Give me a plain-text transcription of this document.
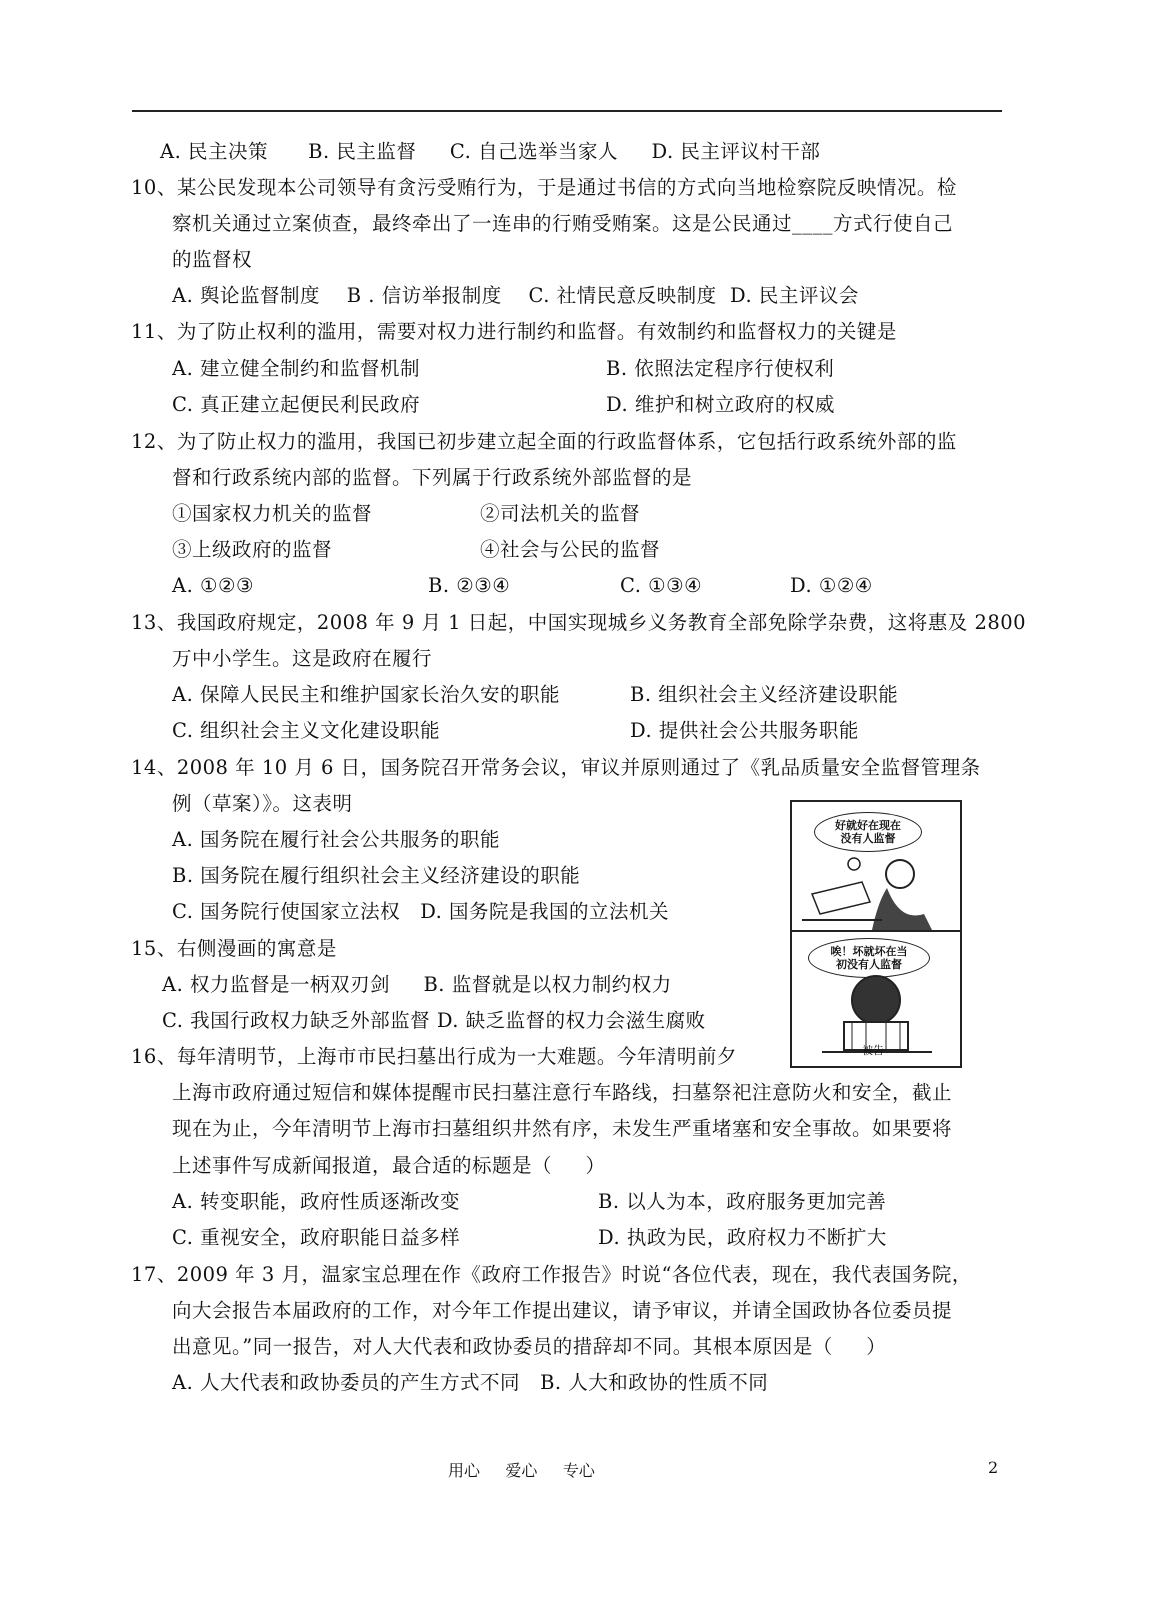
A. 民主决策      B. 民主监督     C. 自己选举当家人     D. 民主评议村干部
10、某公民发现本公司领导有贪污受贿行为，于是通过书信的方式向当地检察院反映情况。检
察机关通过立案侦查，最终牵出了一连串的行贿受贿案。这是公民通过____方式行使自己
的监督权
A. 舆论监督制度    B . 信访举报制度    C. 社情民意反映制度  D. 民主评议会
11、为了防止权利的滥用，需要对权力进行制约和监督。有效制约和监督权力的关键是
A. 建立健全制约和监督机制	B. 依照法定程序行使权利
C. 真正建立起便民利民政府	D. 维护和树立政府的权威
12、为了防止权力的滥用，我国已初步建立起全面的行政监督体系，它包括行政系统外部的监
督和行政系统内部的监督。下列属于行政系统外部监督的是
①国家权力机关的监督	②司法机关的监督
③上级政府的监督	④社会与公民的监督
A. ①②③	B. ②③④	C. ①③④	D. ①②④
13、我国政府规定，2008 年 9 月 1 日起，中国实现城乡义务教育全部免除学杂费，这将惠及 2800
万中小学生。这是政府在履行
A. 保障人民民主和维护国家长治久安的职能	B. 组织社会主义经济建设职能
C. 组织社会主义文化建设职能	D. 提供社会公共服务职能
14、2008 年 10 月 6 日，国务院召开常务会议，审议并原则通过了《乳品质量安全监督管理条
例（草案）》。这表明
A. 国务院在履行社会公共服务的职能
B. 国务院在履行组织社会主义经济建设的职能
C. 国务院行使国家立法权   D. 国务院是我国的立法机关
15、右侧漫画的寓意是
A. 权力监督是一柄双刃剑     B. 监督就是以权力制约权力
C. 我国行政权力缺乏外部监督 D. 缺乏监督的权力会滋生腐败
16、每年清明节，上海市市民扫墓出行成为一大难题。今年清明前夕
上海市政府通过短信和媒体提醒市民扫墓注意行车路线，扫墓祭祀注意防火和安全，截止
现在为止，今年清明节上海市扫墓组织井然有序，未发生严重堵塞和安全事故。如果要将
上述事件写成新闻报道，最合适的标题是（     ）
A. 转变职能，政府性质逐渐改变	B. 以人为本，政府服务更加完善
C. 重视安全，政府职能日益多样	D. 执政为民，政府权力不断扩大
17、2009 年 3 月，温家宝总理在作《政府工作报告》时说“各位代表，现在，我代表国务院，
向大会报告本届政府的工作，对今年工作提出建议，请予审议，并请全国政协各位委员提
出意见。”同一报告，对人大代表和政协委员的措辞却不同。其根本原因是（     ）
A. 人大代表和政协委员的产生方式不同   B. 人大和政协的性质不同
好就好在现在
没有人监督
唉！坏就坏在当
初没有人监督
被告
用心     爱心     专心	2
